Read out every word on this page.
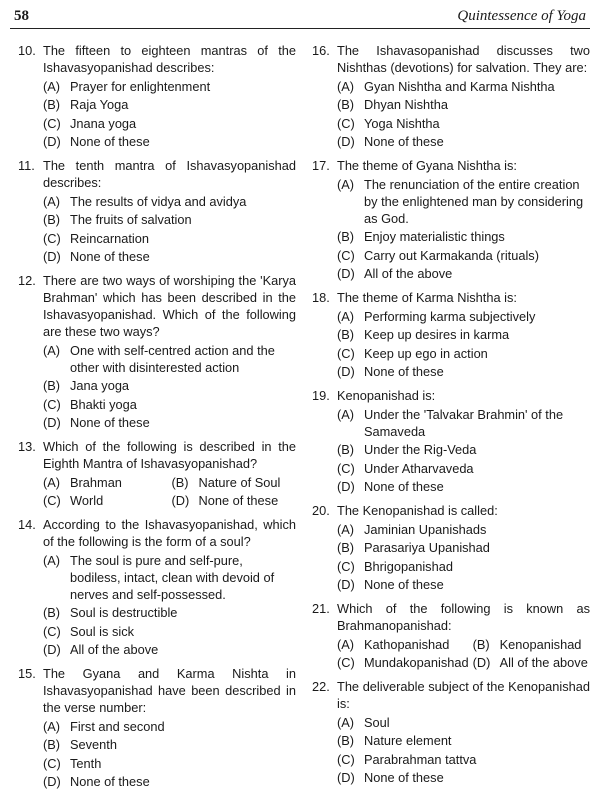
58	Quintessence of Yoga
10. The fifteen to eighteen mantras of the Ishavasyopanishad describes:
(A) Prayer for enlightenment
(B) Raja Yoga
(C) Jnana yoga
(D) None of these
11. The tenth mantra of Ishavasyopanishad describes:
(A) The results of vidya and avidya
(B) The fruits of salvation
(C) Reincarnation
(D) None of these
12. There are two ways of worshiping the 'Karya Brahman' which has been described in the Ishavasyopanishad. Which of the following are these two ways?
(A) One with self-centred action and the other with disinterested action
(B) Jana yoga
(C) Bhakti yoga
(D) None of these
13. Which of the following is described in the Eighth Mantra of Ishavasyopanishad?
(A) Brahman	(B) Nature of Soul
(C) World	(D) None of these
14. According to the Ishavasyopanishad, which of the following is the form of a soul?
(A) The soul is pure and self-pure, bodiless, intact, clean with devoid of nerves and self-possessed.
(B) Soul is destructible
(C) Soul is sick
(D) All of the above
15. The Gyana and Karma Nishta in Ishavasyopanishad have been described in the verse number:
(A) First and second
(B) Seventh
(C) Tenth
(D) None of these
16. The Ishavasopanishad discusses two Nishthas (devotions) for salvation. They are:
(A) Gyan Nishtha and Karma Nishtha
(B) Dhyan Nishtha
(C) Yoga Nishtha
(D) None of these
17. The theme of Gyana Nishtha is:
(A) The renunciation of the entire creation by the enlightened man by considering as God.
(B) Enjoy materialistic things
(C) Carry out Karmakanda (rituals)
(D) All of the above
18. The theme of Karma Nishtha is:
(A) Performing karma subjectively
(B) Keep up desires in karma
(C) Keep up ego in action
(D) None of these
19. Kenopanishad is:
(A) Under the 'Talvakar Brahmin' of the Samaveda
(B) Under the Rig-Veda
(C) Under Atharvaveda
(D) None of these
20. The Kenopanishad is called:
(A) Jaminian Upanishads
(B) Parasariya Upanishad
(C) Bhrigopanishad
(D) None of these
21. Which of the following is known as Brahmanopanishad:
(A) Kathopanishad	(B) Kenopanishad
(C) Mundakopanishad (D) All of the above
22. The deliverable subject of the Kenopanishad is:
(A) Soul
(B) Nature element
(C) Parabrahman tattva
(D) None of these
